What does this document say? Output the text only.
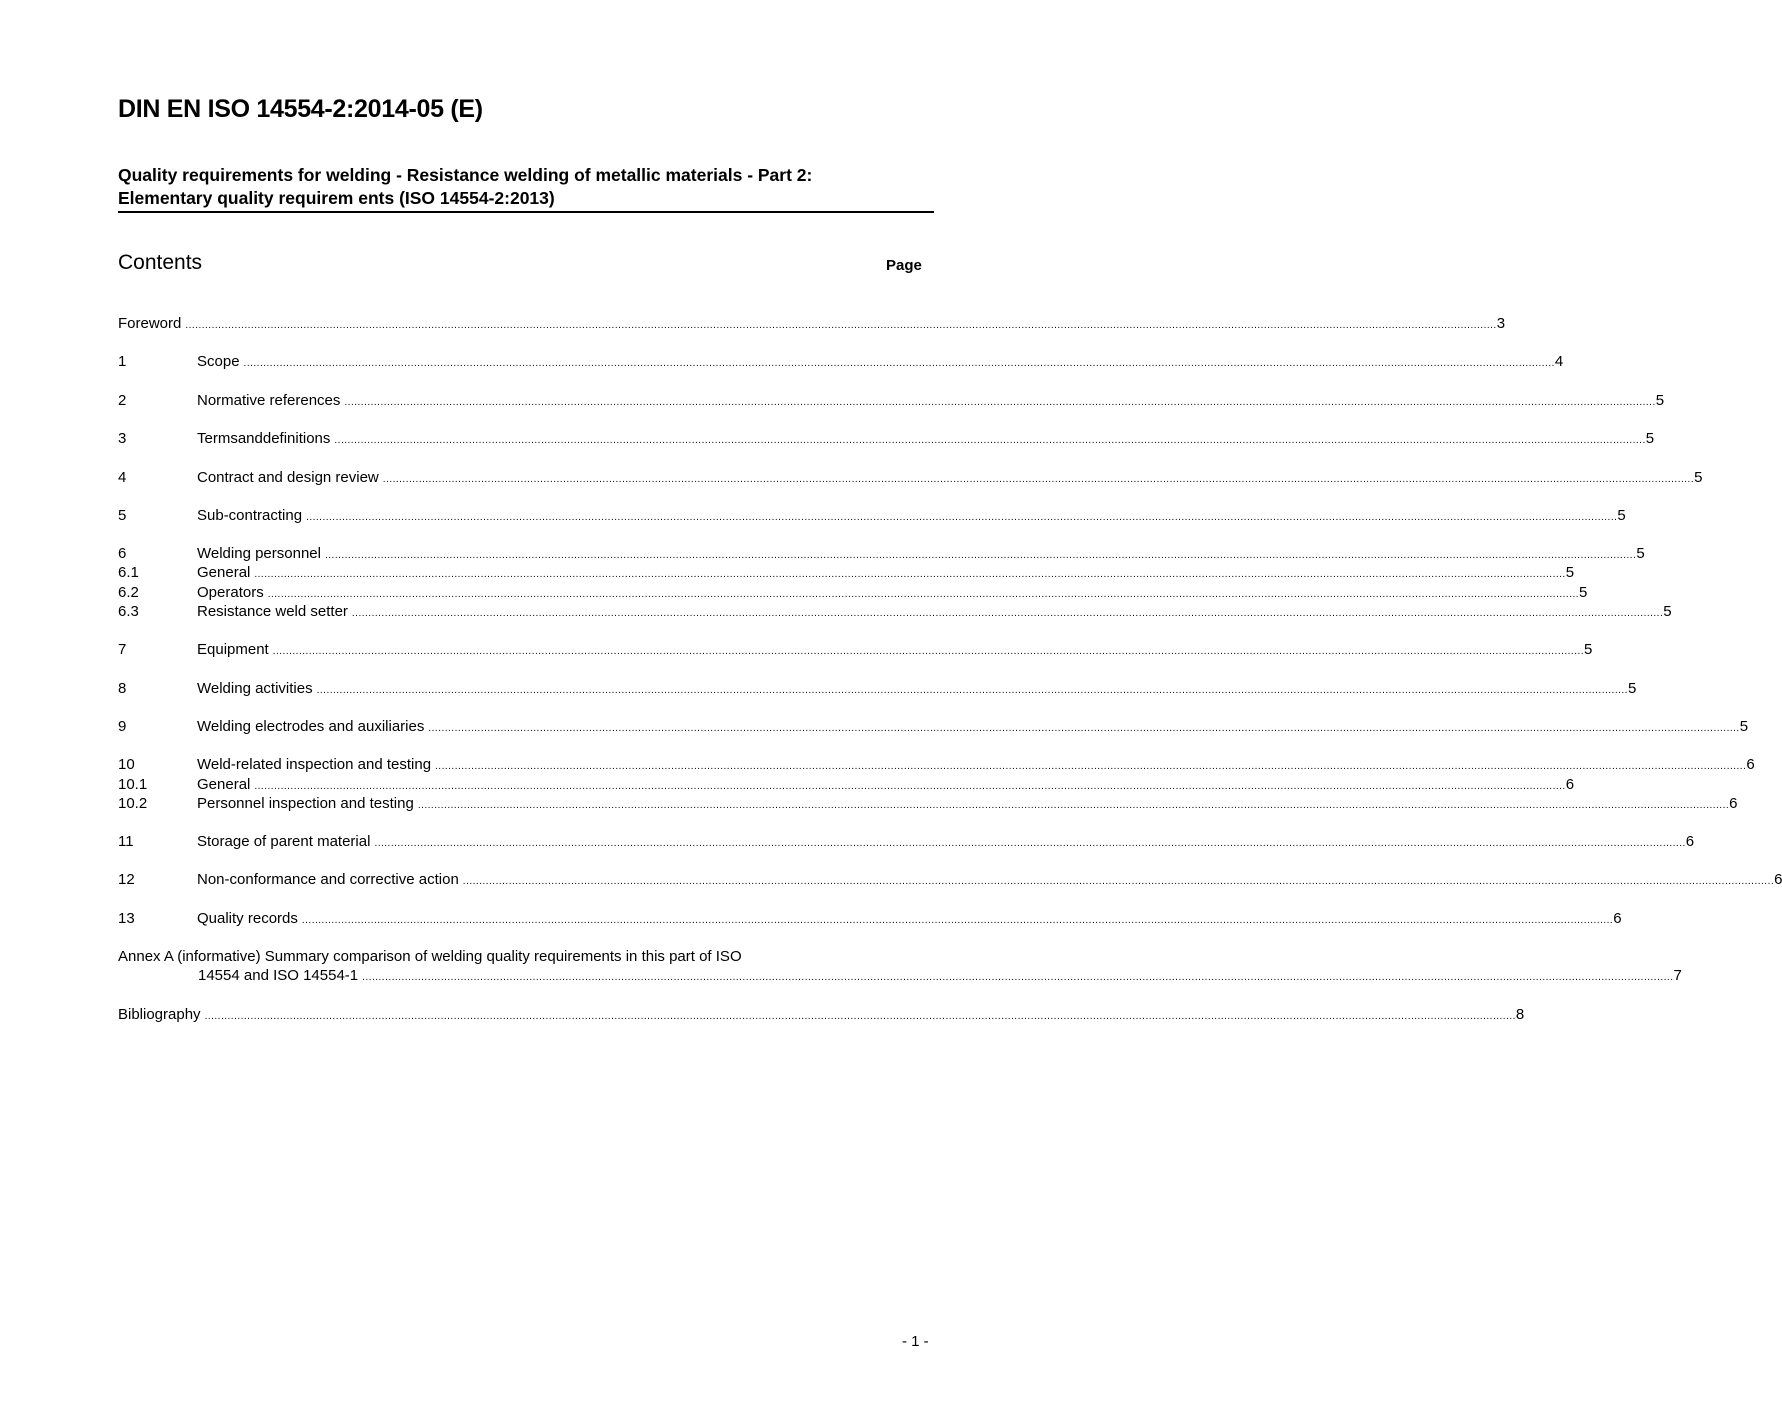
DIN EN ISO 14554-2:2014-05 (E)
Quality requirements for welding - Resistance welding of metallic materials - Part 2:
Elementary quality requirem ents (ISO 14554-2:2013)
Contents	Page
Foreword ................................................................................................................................................................................................................................................................................................................................................................................................................ 3
1	Scope ................................................................................................................................................................................................................................................................................................................................................................................................................ 4
2	Normative references ................................................................................................................................................................................................................................................................................................................................................................................................................ 5
3	Termsanddefinitions ................................................................................................................................................................................................................................................................................................................................................................................................................ 5
4	Contract and design review ................................................................................................................................................................................................................................................................................................................................................................................................................ 5
5	Sub-contracting ................................................................................................................................................................................................................................................................................................................................................................................................................ 5
6	Welding personnel ................................................................................................................................................................................................................................................................................................................................................................................................................ 5
6.1	General ................................................................................................................................................................................................................................................................................................................................................................................................................ 5
6.2	Operators ................................................................................................................................................................................................................................................................................................................................................................................................................ 5
6.3	Resistance weld setter ................................................................................................................................................................................................................................................................................................................................................................................................................ 5
7	Equipment ................................................................................................................................................................................................................................................................................................................................................................................................................ 5
8	Welding activities ................................................................................................................................................................................................................................................................................................................................................................................................................ 5
9	Welding electrodes and auxiliaries ................................................................................................................................................................................................................................................................................................................................................................................................................ 5
10	Weld-related inspection and testing ................................................................................................................................................................................................................................................................................................................................................................................................................ 6
10.1	General ................................................................................................................................................................................................................................................................................................................................................................................................................ 6
10.2	Personnel inspection and testing ................................................................................................................................................................................................................................................................................................................................................................................................................ 6
11	Storage of parent material ................................................................................................................................................................................................................................................................................................................................................................................................................ 6
12	Non-conformance and corrective action ................................................................................................................................................................................................................................................................................................................................................................................................................ 6
13	Quality records ................................................................................................................................................................................................................................................................................................................................................................................................................ 6
Annex A (informative) Summary comparison of welding quality requirements in this part of ISO
14554 and ISO 14554-1 ................................................................................................................................................................................................................................................................................................................................................................................................................ 7
Bibliography ................................................................................................................................................................................................................................................................................................................................................................................................................ 8
- 1 -
